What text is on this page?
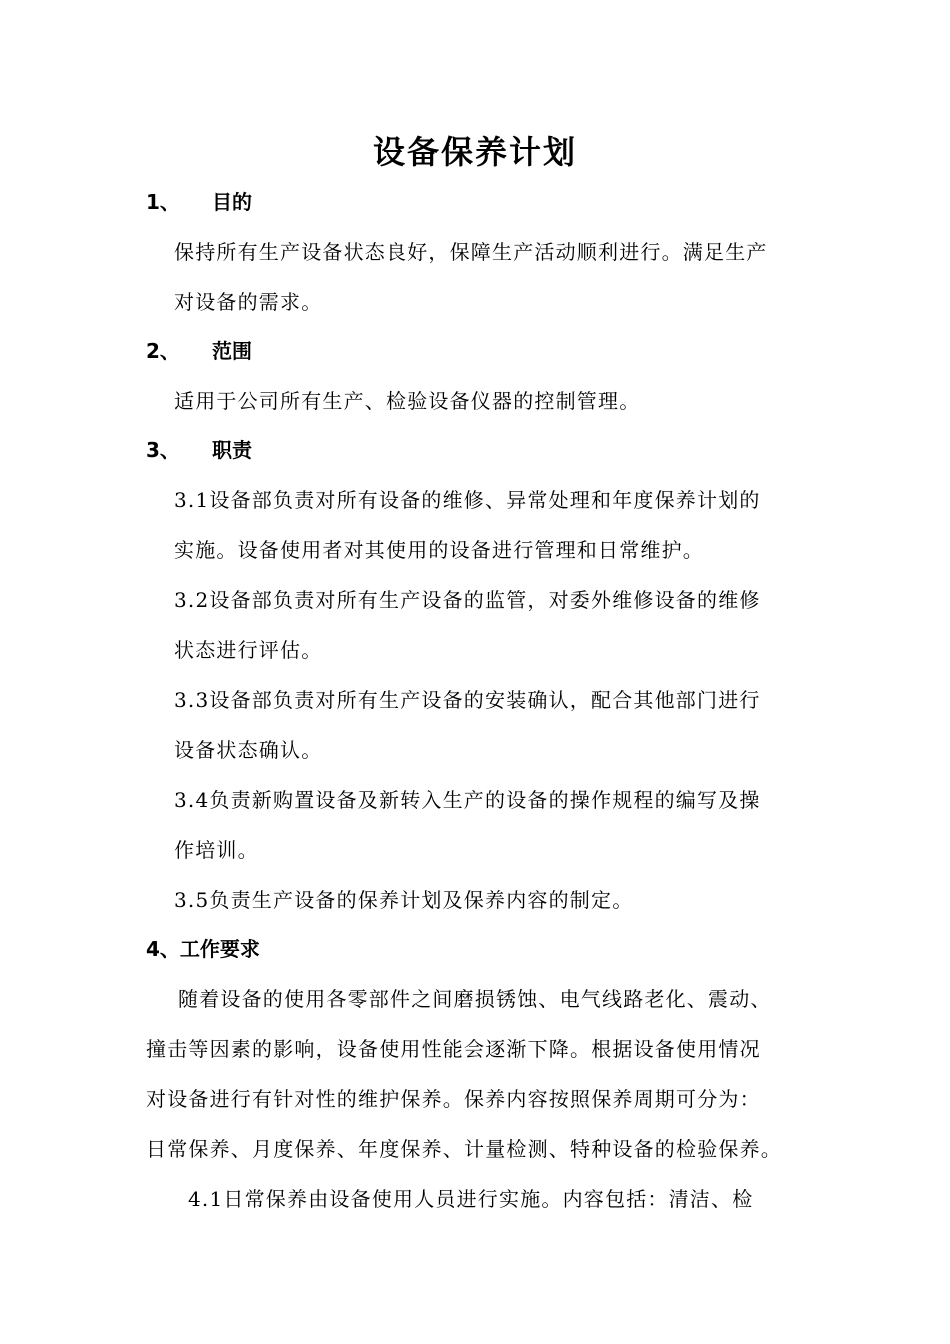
设备保养计划
1、 目的
保持所有生产设备状态良好，保障生产活动顺利进行。满足生产
对设备的需求。
2、 范围
适用于公司所有生产、检验设备仪器的控制管理。
3、 职责
3.1设备部负责对所有设备的维修、异常处理和年度保养计划的
实施。设备使用者对其使用的设备进行管理和日常维护。
3.2设备部负责对所有生产设备的监管，对委外维修设备的维修
状态进行评估。
3.3设备部负责对所有生产设备的安装确认，配合其他部门进行
设备状态确认。
3.4负责新购置设备及新转入生产的设备的操作规程的编写及操
作培训。
3.5负责生产设备的保养计划及保养内容的制定。
4、工作要求
随着设备的使用各零部件之间磨损锈蚀、电气线路老化、震动、
撞击等因素的影响，设备使用性能会逐渐下降。根据设备使用情况
对设备进行有针对性的维护保养。保养内容按照保养周期可分为：
日常保养、月度保养、年度保养、计量检测、特种设备的检验保养。
4.1日常保养由设备使用人员进行实施。内容包括：清洁、检
